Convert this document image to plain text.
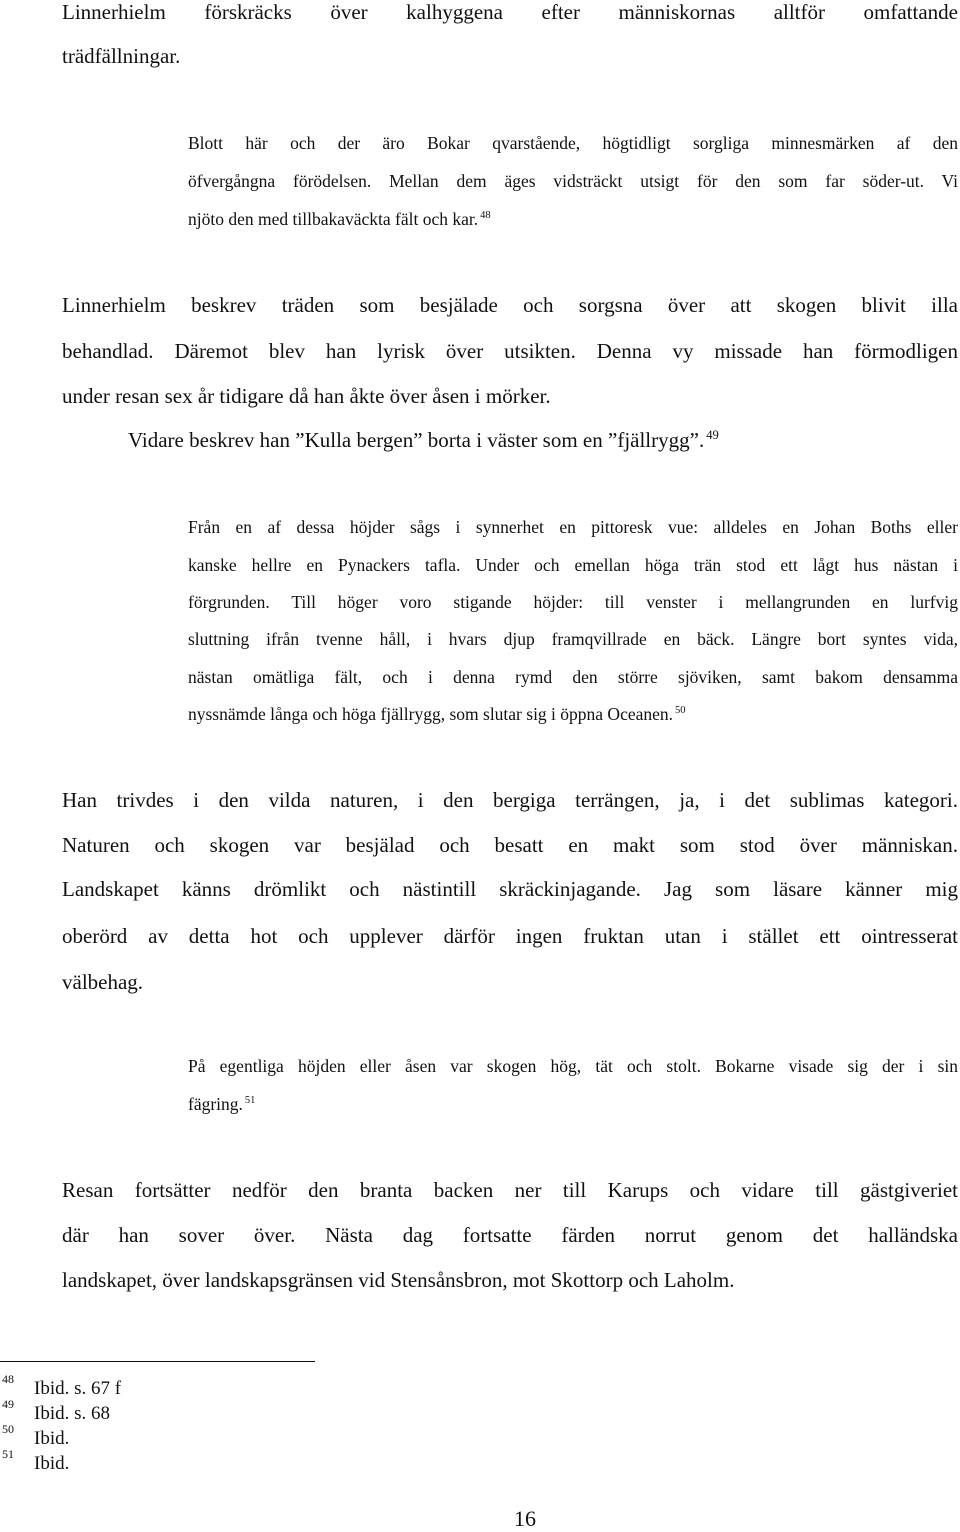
Linnerhielm förskräcks över kalhyggena efter människornas alltför omfattande

trädfällningar.

Blott här och der äro Bokar qvarstående, högtidligt sorgliga minnesmärken af den

öfvergångna förödelsen. Mellan dem äges vidsträckt utsigt för den som far söder-ut. Vi

njöto den med tillbakaväckta fält och kar. $^{48}$

Linnerhielm beskrev träden som besjälade och sorgsna över att skogen blivit illa

behandlad. Däremot blev han lyrisk över utsikten. Denna vy missade han förmodligen

under resan sex år tidigare då han åkte över åsen i mörker.

Vidare beskrev han ”Kulla bergen” borta i väster som en ”fjällrygg”. $^{49}$

Från en af dessa höjder sågs i synnerhet en pittoresk vue: alldeles en Johan Boths eller

kanske hellre en Pynackers tafla. Under och emellan höga trän stod ett lågt hus nästan i

förgrunden. Till höger voro stigande höjder: till venster i mellangrunden en lurfvig

sluttning ifrån tvenne håll, i hvars djup framqvillrade en bäck. Längre bort syntes vida,

nästan omätliga fält, och i denna rymd den större sjöviken, samt bakom densamma

nyssnämde långa och höga fjällrygg, som slutar sig i öppna Oceanen. $^{50}$

Han trivdes i den vilda naturen, i den bergiga terrängen, ja, i det sublimas kategori.

Naturen och skogen var besjälad och besatt en makt som stod över människan.

Landskapet känns drömlikt och nästintill skräckinjagande. Jag som läsare känner mig

oberörd av detta hot och upplever därför ingen fruktan utan i stället ett ointresserat

välbehag.

På egentliga höjden eller åsen var skogen hög, tät och stolt. Bokarne visade sig der i sin

fägring. $^{51}$

Resan fortsätter nedför den branta backen ner till Karups och vidare till gästgiveriet

där han sover över. Nästa dag fortsatte färden norrut genom det halländska

landskapet, över landskapsgränsen vid Stensånsbron, mot Skottorp och Laholm.

48 Ibid. s. 67 f
49 Ibid. s. 68
50 Ibid.
51 Ibid.
16
